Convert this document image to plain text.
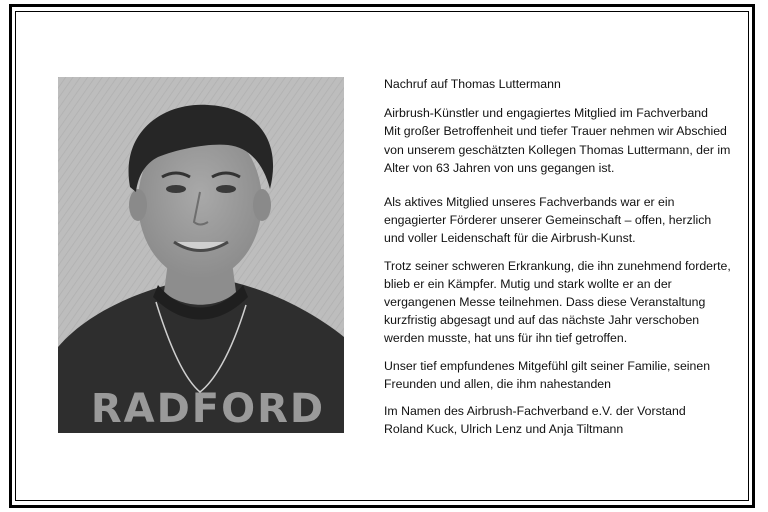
RADFORD

Nachruf auf Thomas Luttermann

Airbrush-Künstler und engagiertes Mitglied im Fachverband
Mit großer Betroffenheit und tiefer Trauer nehmen wir Abschied von unserem geschätzten Kollegen Thomas Luttermann, der im Alter von 63 Jahren von uns gegangen ist.

Als aktives Mitglied unseres Fachverbands war er ein engagierter Förderer unserer Gemeinschaft – offen, herzlich und voller Leidenschaft für die Airbrush-Kunst.

Trotz seiner schweren Erkrankung, die ihn zunehmend forderte, blieb er ein Kämpfer. Mutig und stark wollte er an der vergangenen Messe teilnehmen. Dass diese Veranstaltung kurzfristig abgesagt und auf das nächste Jahr verschoben werden musste, hat uns für ihn tief getroffen.

Unser tief empfundenes Mitgefühl gilt seiner Familie, seinen Freunden und allen, die ihm nahestanden

Im Namen des Airbrush-Fachverband e.V. der Vorstand
Roland Kuck, Ulrich Lenz und Anja Tiltmann
